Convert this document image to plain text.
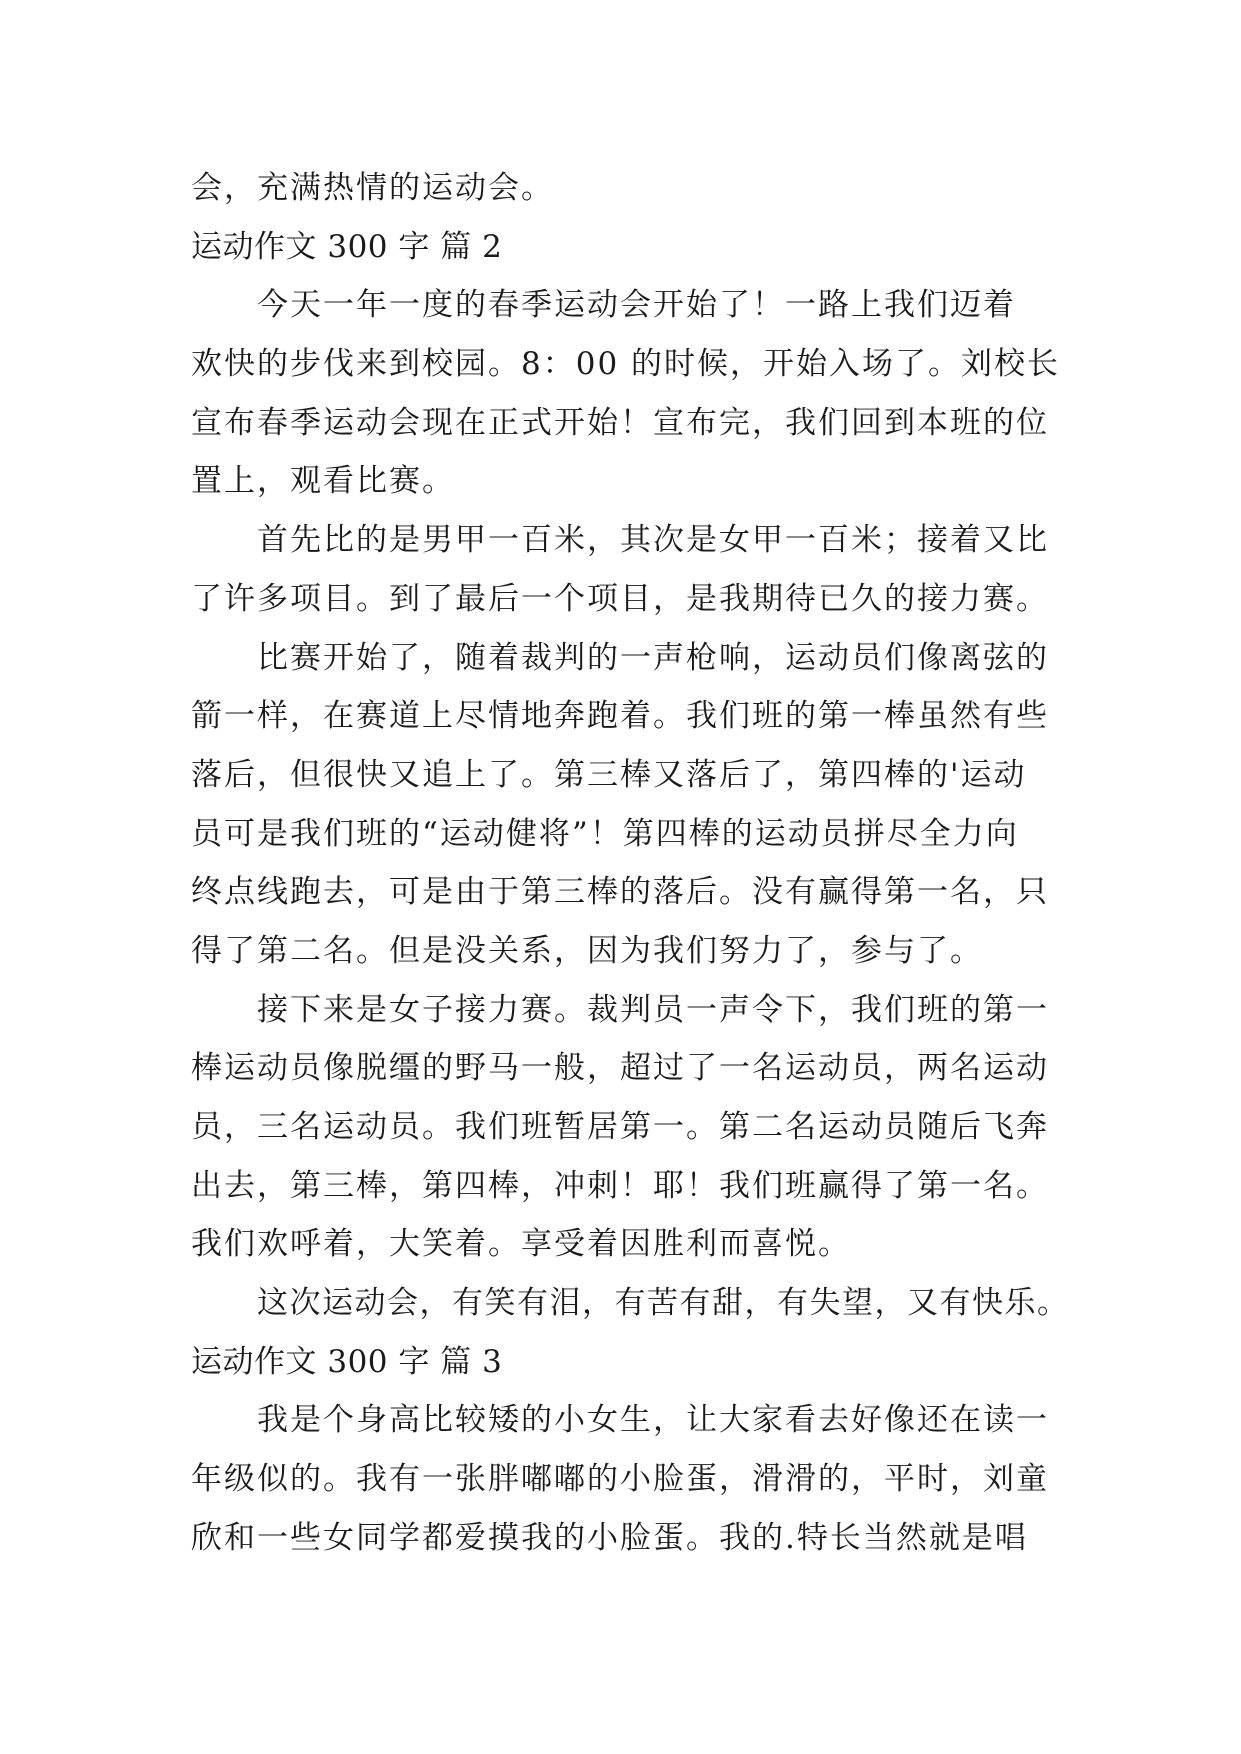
会，充满热情的运动会。

运动作文 300 字 篇 2

今天一年一度的春季运动会开始了！一路上我们迈着

欢快的步伐来到校园。8：00 的时候，开始入场了。刘校长

宣布春季运动会现在正式开始！宣布完，我们回到本班的位

置上，观看比赛。

首先比的是男甲一百米，其次是女甲一百米；接着又比

了许多项目。到了最后一个项目，是我期待已久的接力赛。

比赛开始了，随着裁判的一声枪响，运动员们像离弦的

箭一样，在赛道上尽情地奔跑着。我们班的第一棒虽然有些

落后，但很快又追上了。第三棒又落后了，第四棒的'运动

员可是我们班的“运动健将”！第四棒的运动员拼尽全力向

终点线跑去，可是由于第三棒的落后。没有赢得第一名，只

得了第二名。但是没关系，因为我们努力了，参与了。

接下来是女子接力赛。裁判员一声令下，我们班的第一

棒运动员像脱缰的野马一般，超过了一名运动员，两名运动

员，三名运动员。我们班暂居第一。第二名运动员随后飞奔

出去，第三棒，第四棒，冲刺！耶！我们班赢得了第一名。

我们欢呼着，大笑着。享受着因胜利而喜悦。

这次运动会，有笑有泪，有苦有甜，有失望，又有快乐。

运动作文 300 字 篇 3

我是个身高比较矮的小女生，让大家看去好像还在读一

年级似的。我有一张胖嘟嘟的小脸蛋，滑滑的，平时，刘童

欣和一些女同学都爱摸我的小脸蛋。我的.特长当然就是唱
